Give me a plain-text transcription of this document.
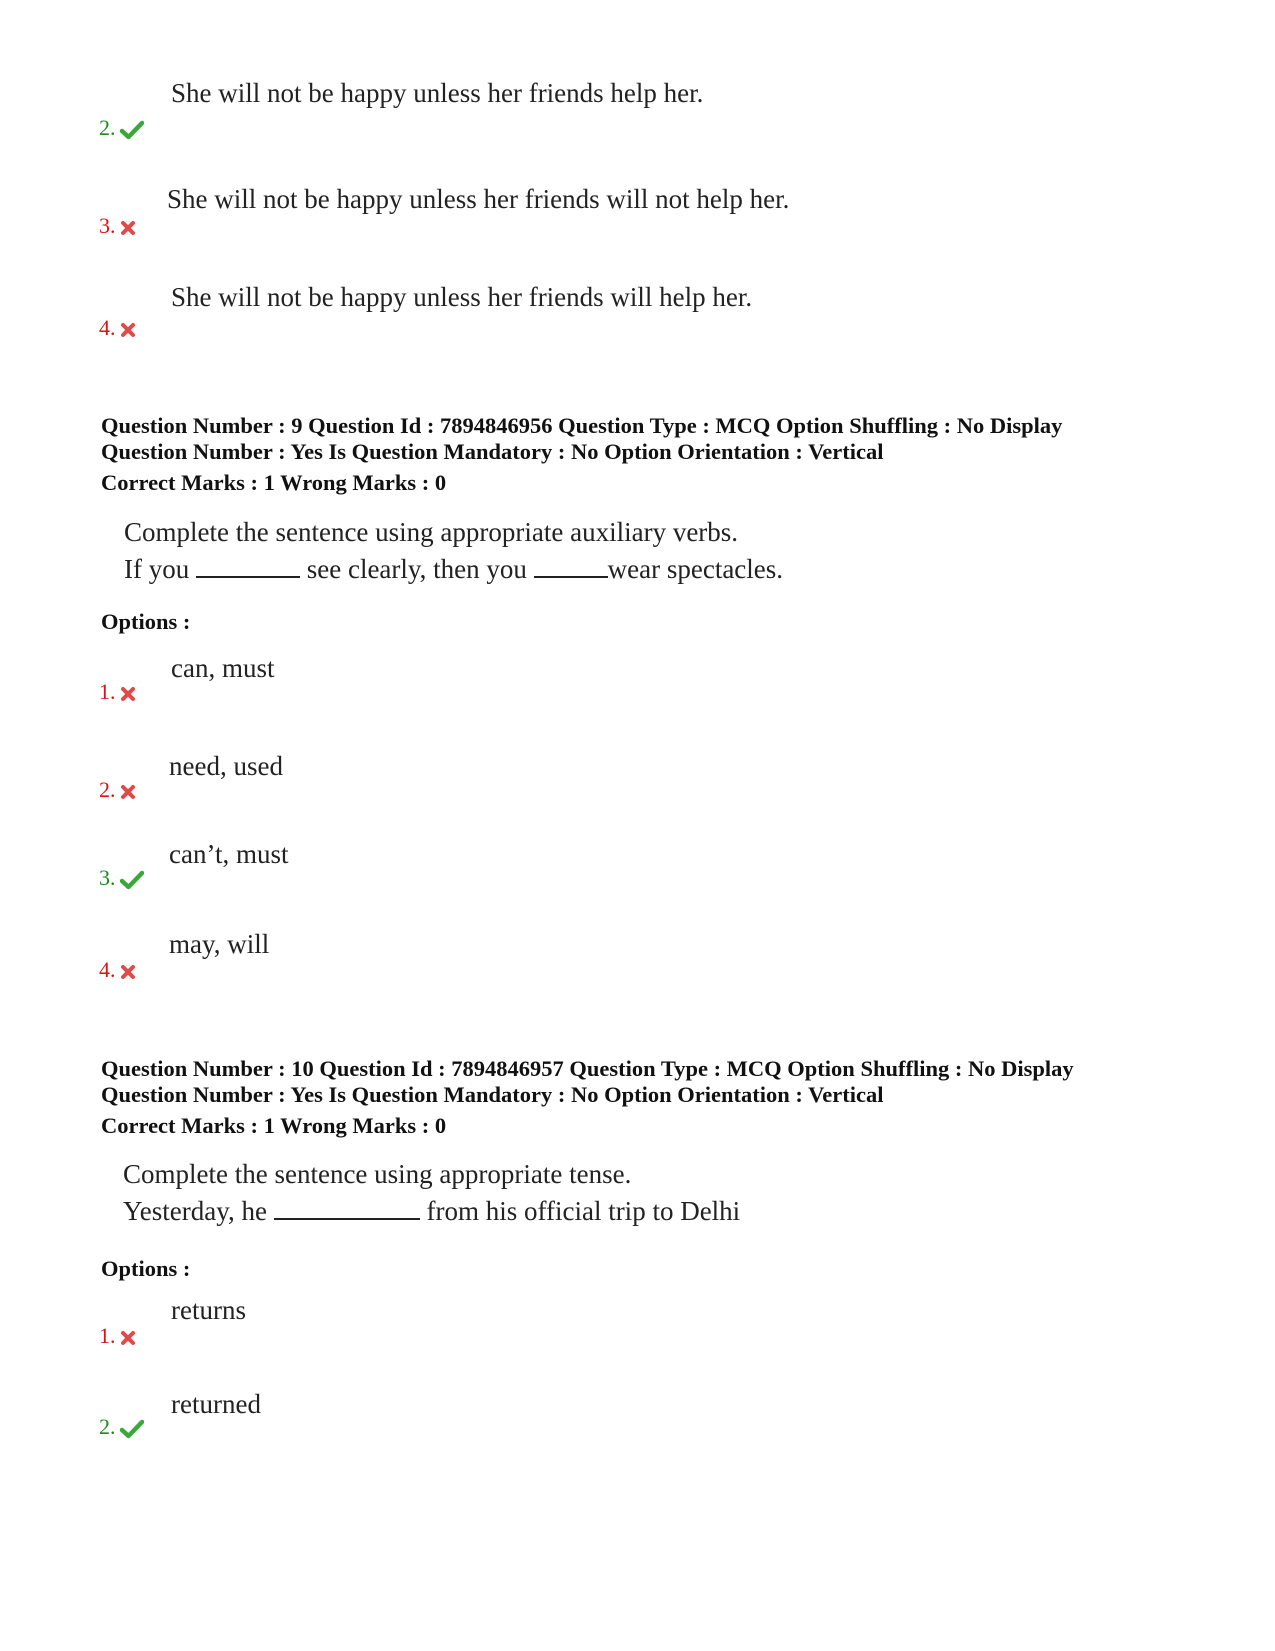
2.
She will not be happy unless her friends help her.
3.
She will not be happy unless her friends will not help her.
4.
She will not be happy unless her friends will help her.
Question Number : 9 Question Id : 7894846956 Question Type : MCQ Option Shuffling : No Display
Question Number : Yes Is Question Mandatory : No Option Orientation : Vertical
Correct Marks : 1 Wrong Marks : 0
Complete the sentence using appropriate auxiliary verbs.
If you	see clearly, then you	wear spectacles.
Options :
1.
can, must
2.
need, used
3.
can’t, must
4.
may, will
Question Number : 10 Question Id : 7894846957 Question Type : MCQ Option Shuffling : No Display
Question Number : Yes Is Question Mandatory : No Option Orientation : Vertical
Correct Marks : 1 Wrong Marks : 0
Complete the sentence using appropriate tense.
Yesterday, he	from his official trip to Delhi
Options :
1.
returns
2.
returned
